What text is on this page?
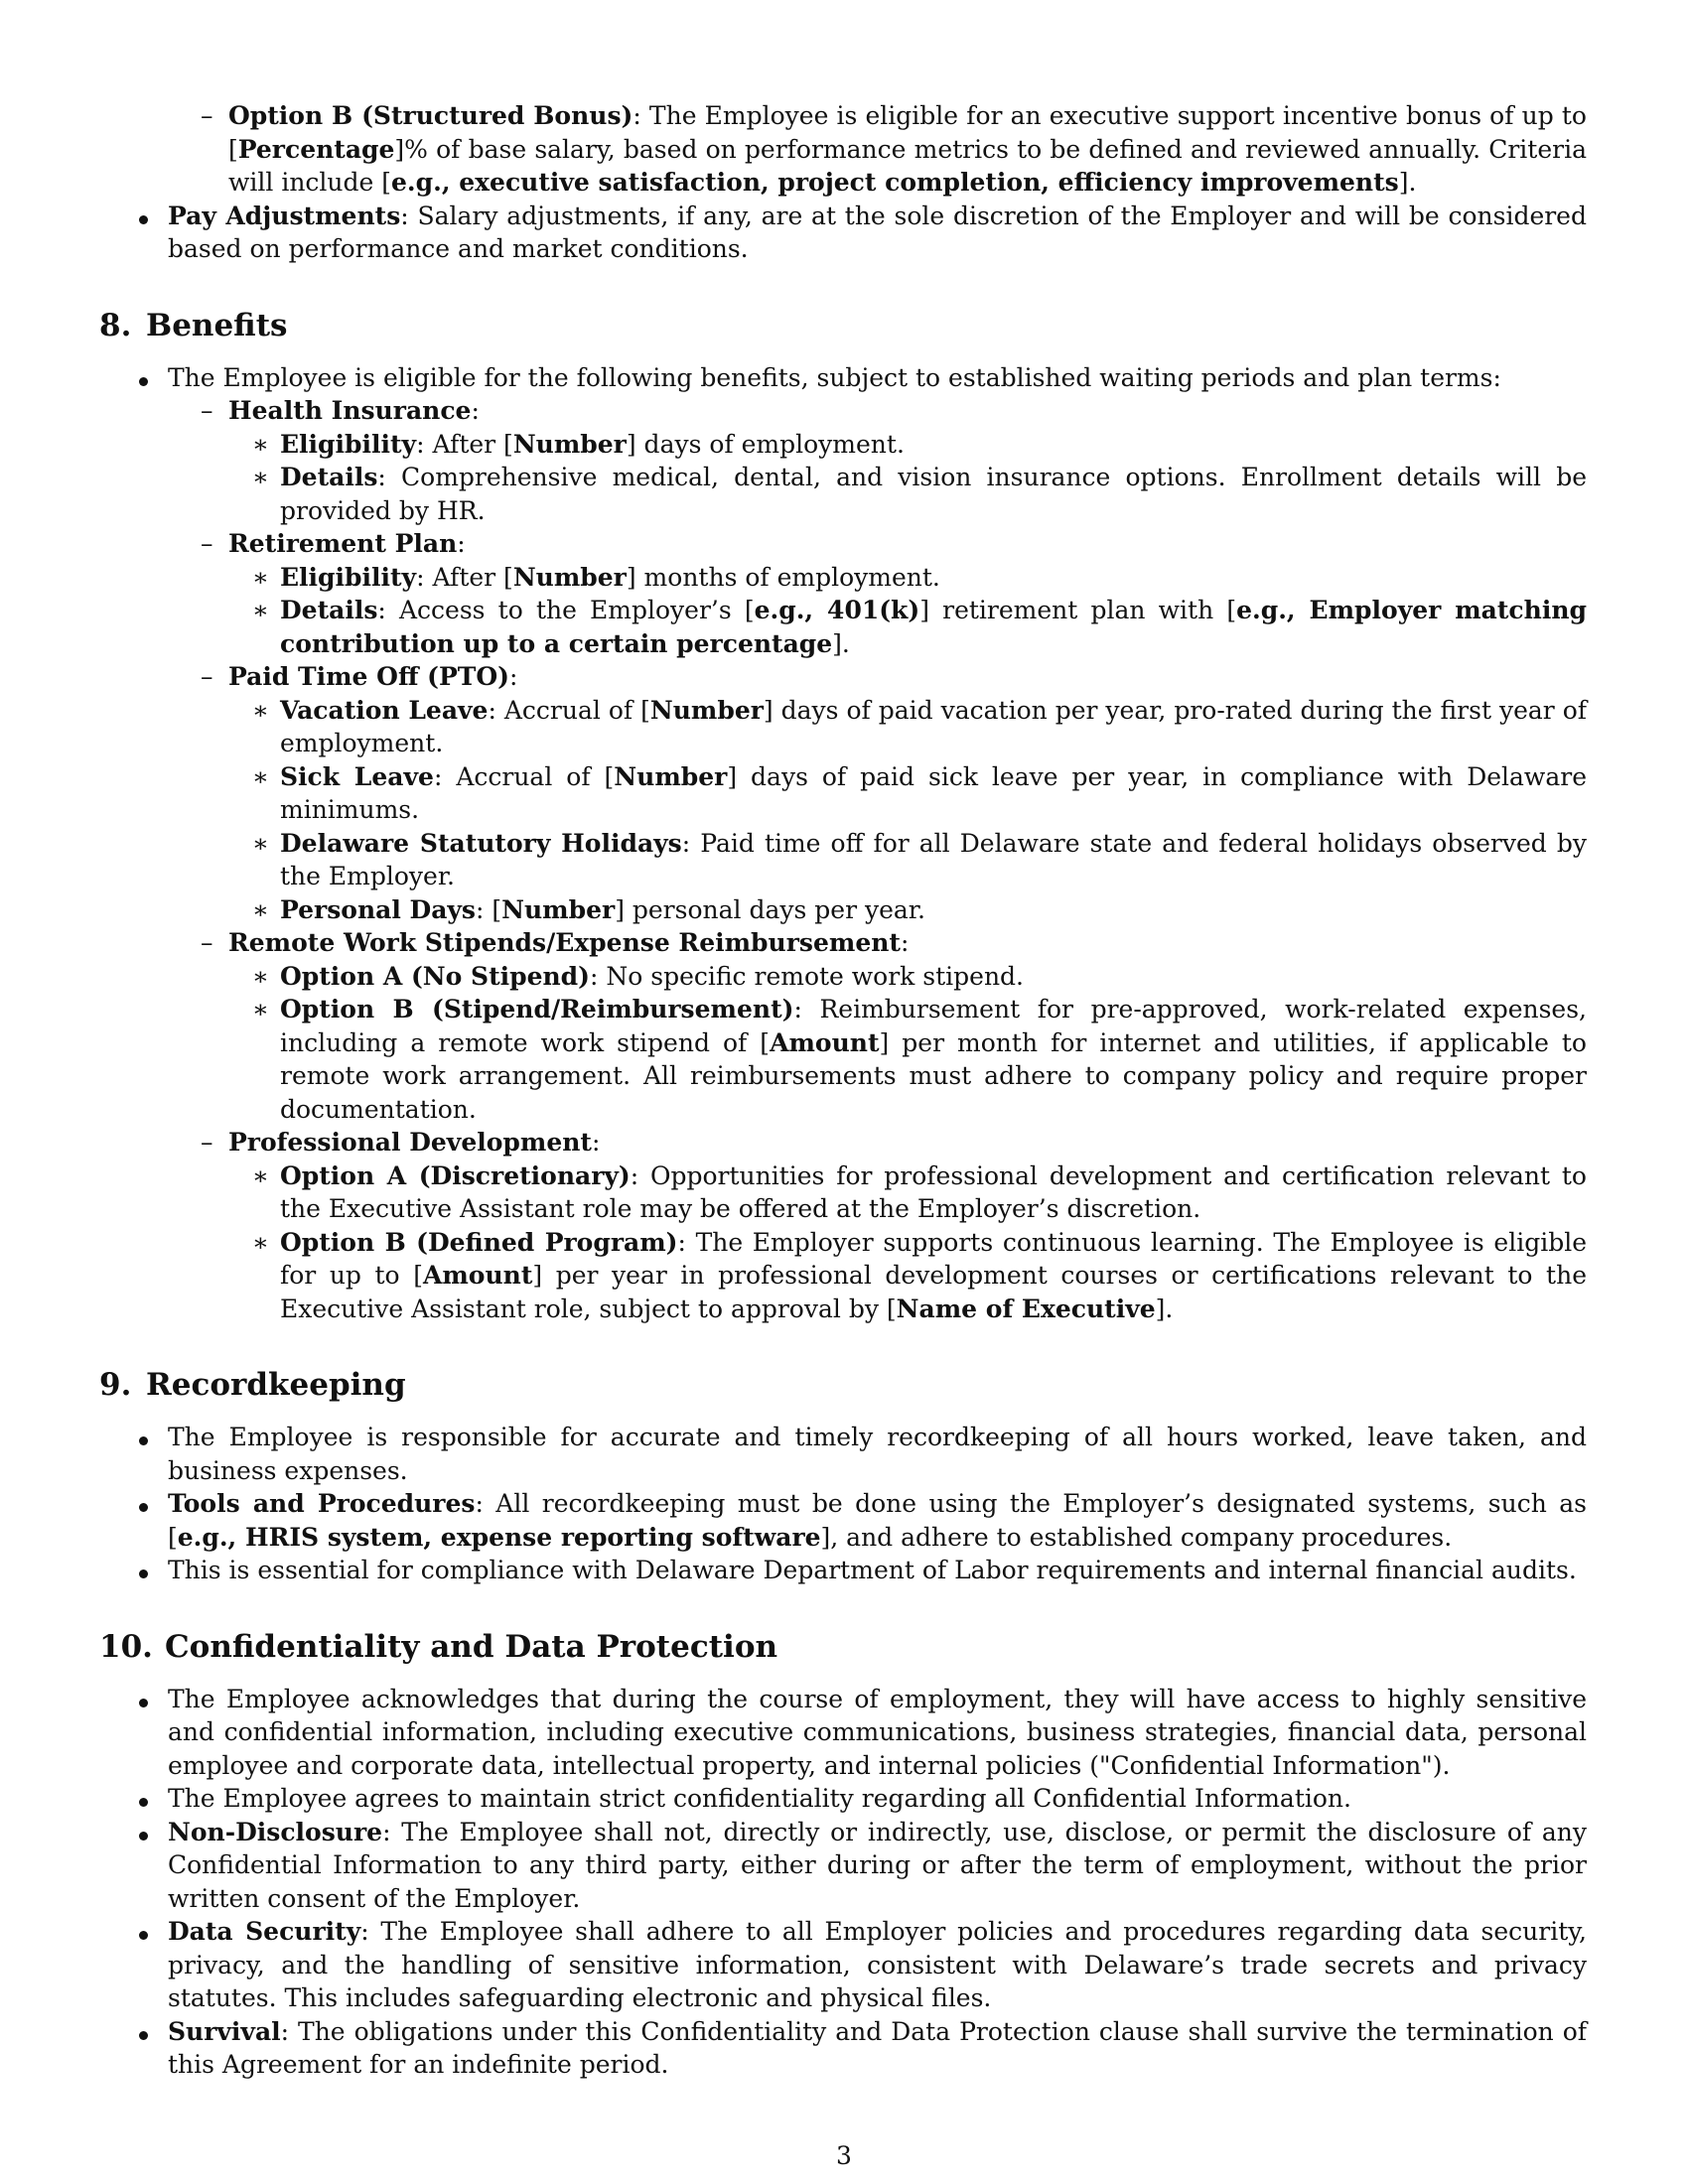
– Option B (Structured Bonus): The Employee is eligible for an executive support incentive bonus of up to [Percentage]% of base salary, based on performance metrics to be defined and reviewed annually. Criteria will include [e.g., executive satisfaction, project completion, efficiency improvements].

Pay Adjustments: Salary adjustments, if any, are at the sole discretion of the Employer and will be considered based on performance and market conditions.

8. Benefits

The Employee is eligible for the following benefits, subject to established waiting periods and plan terms:

– Health Insurance:

∗ Eligibility: After [Number] days of employment.

∗ Details: Comprehensive medical, dental, and vision insurance options. Enrollment details will be provided by HR.

– Retirement Plan:

∗ Eligibility: After [Number] months of employment.

∗ Details: Access to the Employer’s [e.g., 401(k)] retirement plan with [e.g., Employer matching contribution up to a certain percentage].

– Paid Time Off (PTO):

∗ Vacation Leave: Accrual of [Number] days of paid vacation per year, pro-rated during the first year of employment.

∗ Sick Leave: Accrual of [Number] days of paid sick leave per year, in compliance with Delaware minimums.

∗ Delaware Statutory Holidays: Paid time off for all Delaware state and federal holidays observed by the Employer.

∗ Personal Days: [Number] personal days per year.

– Remote Work Stipends/Expense Reimbursement:

∗ Option A (No Stipend): No specific remote work stipend.

∗ Option B (Stipend/Reimbursement): Reimbursement for pre-approved, work-related expenses, including a remote work stipend of [Amount] per month for internet and utilities, if applicable to remote work arrangement. All reimbursements must adhere to company policy and require proper documentation.

– Professional Development:

∗ Option A (Discretionary): Opportunities for professional development and certification relevant to the Executive Assistant role may be offered at the Employer’s discretion.

∗ Option B (Defined Program): The Employer supports continuous learning. The Employee is eligible for up to [Amount] per year in professional development courses or certifications relevant to the Executive Assistant role, subject to approval by [Name of Executive].

9. Recordkeeping

The Employee is responsible for accurate and timely recordkeeping of all hours worked, leave taken, and business expenses.

Tools and Procedures: All recordkeeping must be done using the Employer’s designated systems, such as [e.g., HRIS system, expense reporting software], and adhere to established company procedures.

This is essential for compliance with Delaware Department of Labor requirements and internal financial audits.

10. Confidentiality and Data Protection

The Employee acknowledges that during the course of employment, they will have access to highly sensitive and confidential information, including executive communications, business strategies, financial data, personal employee and corporate data, intellectual property, and internal policies ("Confidential Information").

The Employee agrees to maintain strict confidentiality regarding all Confidential Information.

Non-Disclosure: The Employee shall not, directly or indirectly, use, disclose, or permit the disclosure of any Confidential Information to any third party, either during or after the term of employment, without the prior written consent of the Employer.

Data Security: The Employee shall adhere to all Employer policies and procedures regarding data security, privacy, and the handling of sensitive information, consistent with Delaware’s trade secrets and privacy statutes. This includes safeguarding electronic and physical files.

Survival: The obligations under this Confidentiality and Data Protection clause shall survive the termination of this Agreement for an indefinite period.

3
